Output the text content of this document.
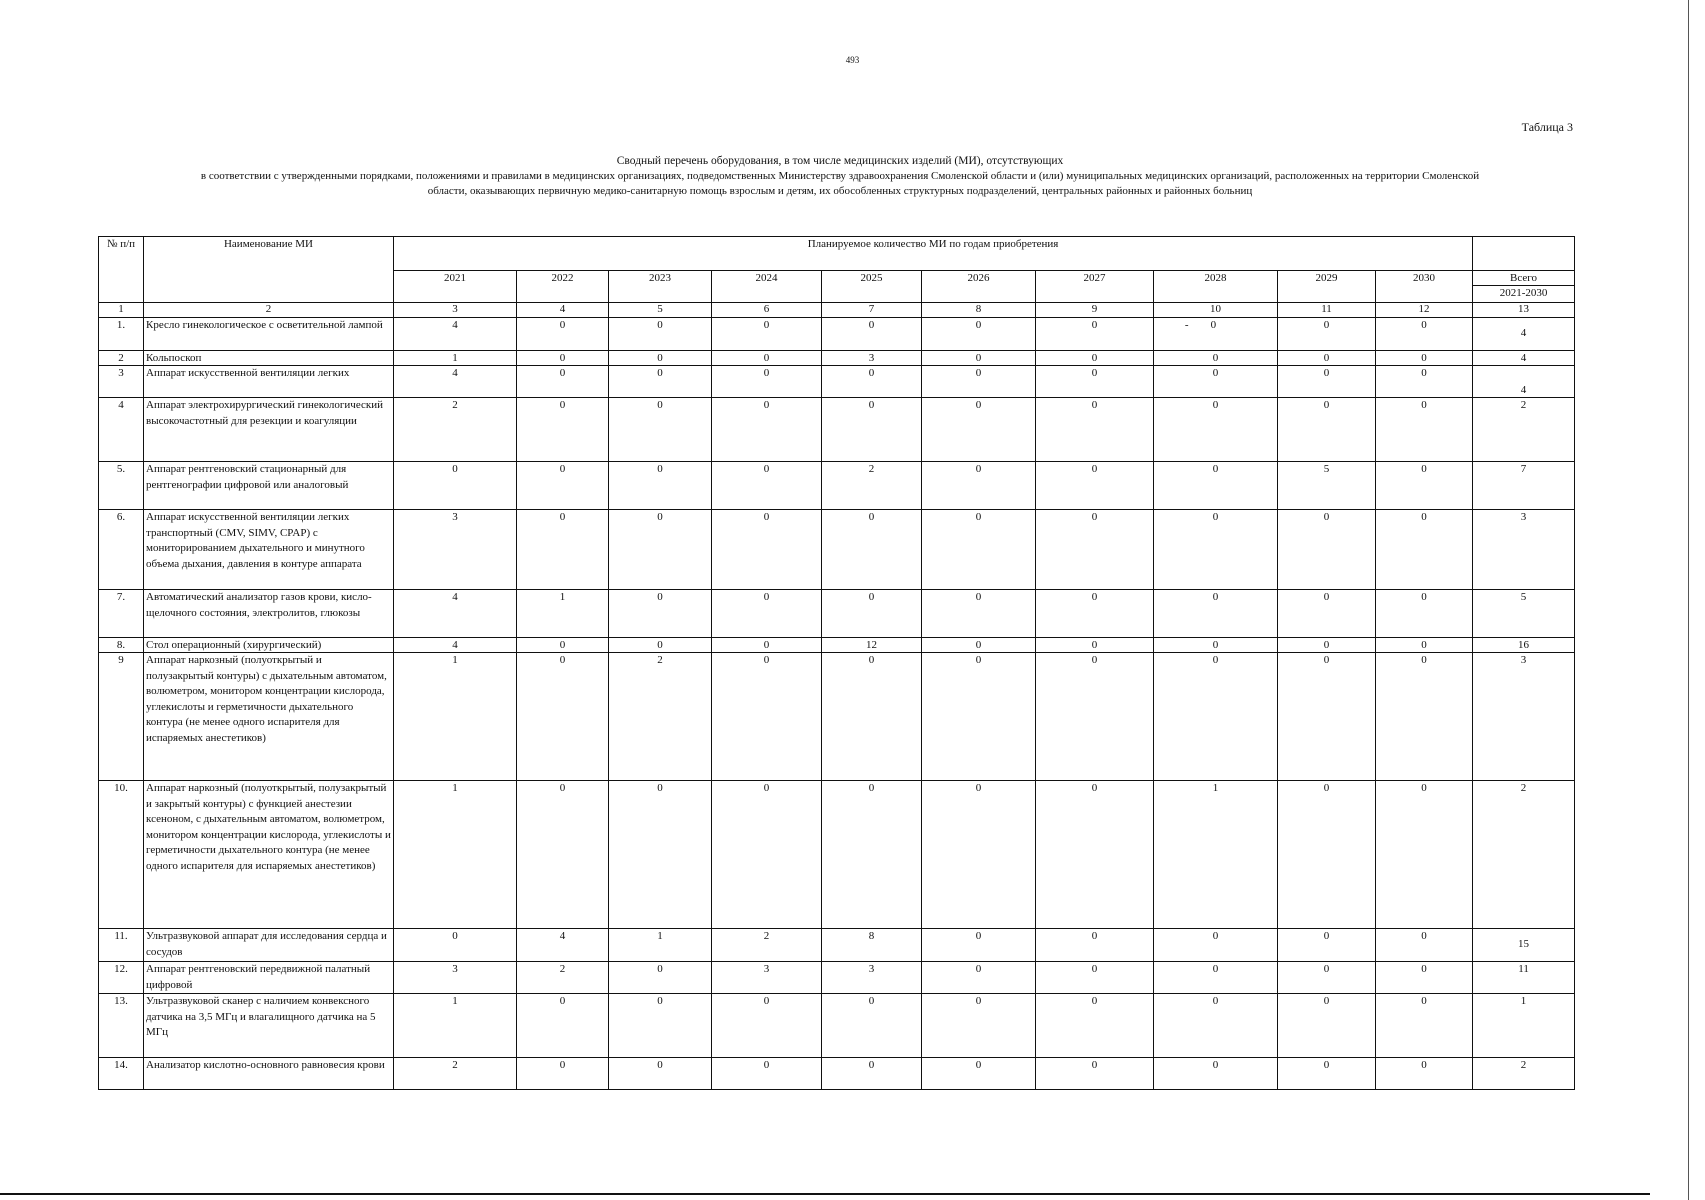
493
Таблица 3
Сводный перечень оборудования, в том числе медицинских изделий (МИ), отсутствующих
в соответствии с утвержденными порядками, положениями и правилами в медицинских организациях, подведомственных Министерству здравоохранения Смоленской области и (или) муниципальных медицинских организаций, расположенных на территории Смоленской
области, оказывающих первичную медико-санитарную помощь взрослым и детям, их обособленных структурных подразделений, центральных районных и районных больниц
№ п/п	Наименование МИ	Планируемое количество МИ по годам приобретения										
		2021	2022	2023	2024	2025	2026	2027	2028	2029	2030	Всего
2021-2030

1	2	3	4	5	6	7	8	9	10	11	12	13
1.	Кресло гинекологическое с осветительной лампой	4	0	0	0	0	0	0	- 0	0	0	4
2	Кольпоскоп	1	0	0	0	3	0	0	0	0	0	4
3	Аппарат искусственной вентиляции легких	4	0	0	0	0	0	0	0	0	0	4
4	Аппарат электрохирургический гинекологический высокочастотный для резекции и коагуляции	2	0	0	0	0	0	0	0	0	0	2
5.	Аппарат рентгеновский стационарный для рентгенографии цифровой или аналоговый	0	0	0	0	2	0	0	0	5	0	7
6.	Аппарат искусственной вентиляции легких транспортный (CMV, SIMV, CPAP) с мониторированием дыхательного и минутного объема дыхания, давления в контуре аппарата	3	0	0	0	0	0	0	0	0	0	3
7.	Автоматический анализатор газов крови, кисло-щелочного состояния, электролитов, глюкозы	4	1	0	0	0	0	0	0	0	0	5
8.	Стол операционный (хирургический)	4	0	0	0	12	0	0	0	0	0	16
9	Аппарат наркозный (полуоткрытый и полузакрытый контуры) с дыхательным автоматом, волюметром, монитором концентрации кислорода, углекислоты и герметичности дыхательного контура (не менее одного испарителя для испаряемых анестетиков)	1	0	2	0	0	0	0	0	0	0	3
10.	Аппарат наркозный (полуоткрытый, полузакрытый и закрытый контуры) с функцией анестезии ксеноном, с дыхательным автоматом, волюметром, монитором концентрации кислорода, углекислоты и герметичности дыхательного контура (не менее одного испарителя для испаряемых анестетиков)	1	0	0	0	0	0	0	1	0	0	2
11.	Ультразвуковой аппарат для исследования сердца и сосудов	0	4	1	2	8	0	0	0	0	0	15
12.	Аппарат рентгеновский передвижной палатный цифровой	3	2	0	3	3	0	0	0	0	0	11
13.	Ультразвуковой сканер с наличием конвексного датчика на 3,5 МГц и влагалищного датчика на 5 МГц	1	0	0	0	0	0	0	0	0	0	1
14.	Анализатор кислотно-основного равновесия крови	2	0	0	0	0	0	0	0	0	0	2
